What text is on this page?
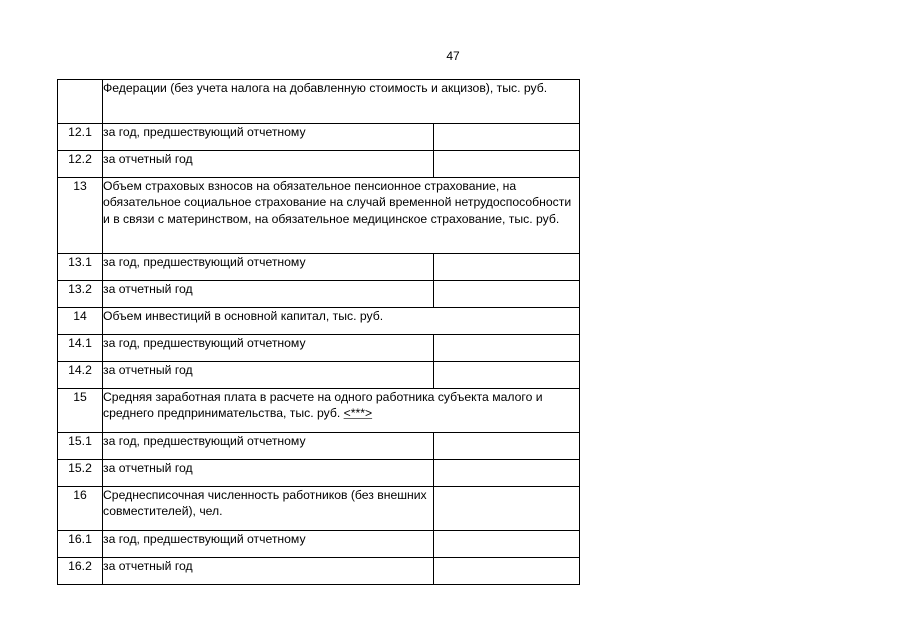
47
	Федерации (без учета налога на добавленную стоимость и акцизов), тыс. руб.	
12.1	за год, предшествующий отчетному	
12.2	за отчетный год	
13	Объем страховых взносов на обязательное пенсионное страхование, на обязательное социальное страхование на случай временной нетрудоспособности и в связи с материнством, на обязательное медицинское страхование, тыс. руб.	
13.1	за год, предшествующий отчетному	
13.2	за отчетный год	
14	Объем инвестиций в основной капитал, тыс. руб.	
14.1	за год, предшествующий отчетному	
14.2	за отчетный год	
15	Средняя заработная плата в расчете на одного работника субъекта малого и среднего предпринимательства, тыс. руб. <***>	
15.1	за год, предшествующий отчетному	
15.2	за отчетный год	
16	Среднесписочная численность работников (без внешних совместителей), чел.	
16.1	за год, предшествующий отчетному	
16.2	за отчетный год	
